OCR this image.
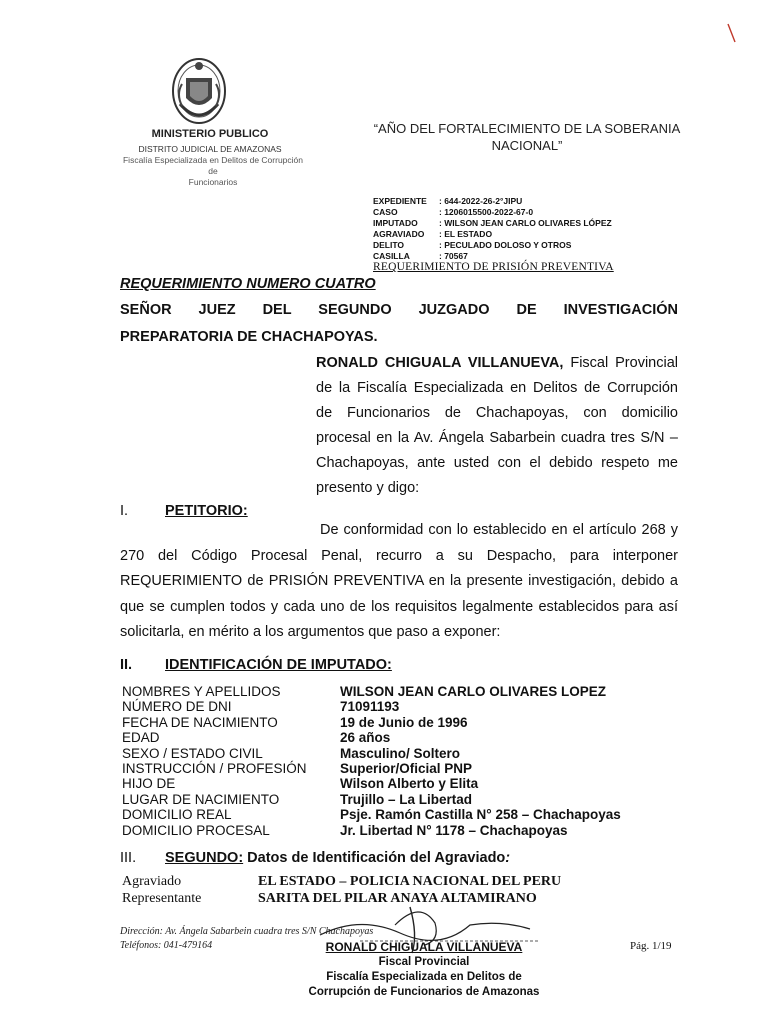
MINISTERIO PUBLICO
DISTRITO JUDICIAL DE AMAZONAS
Fiscalía Especializada en Delitos de Corrupción de
Funcionarios
“AÑO DEL FORTALECIMIENTO DE LA SOBERANIA
NACIONAL”
EXPEDIENTE	: 644-2022-26-2°JIPU
CASO	: 1206015500-2022-67-0
IMPUTADO	: WILSON JEAN CARLO OLIVARES LÓPEZ
AGRAVIADO	: EL ESTADO
DELITO	: PECULADO DOLOSO Y OTROS
CASILLA	: 70567
REQUERIMIENTO DE PRISIÓN PREVENTIVA
REQUERIMIENTO NUMERO CUATRO
SEÑOR JUEZ DEL SEGUNDO JUZGADO DE INVESTIGACIÓN
PREPARATORIA DE CHACHAPOYAS.
RONALD CHIGUALA VILLANUEVA, Fiscal Provincial de la Fiscalía Especializada en Delitos de Corrupción de Funcionarios de Chachapoyas, con domicilio procesal en la Av. Ángela Sabarbein cuadra tres S/N – Chachapoyas, ante usted con el debido respeto me presento y digo:
I.	PETITORIO:
De conformidad con lo establecido en el artículo 268 y 270 del Código Procesal Penal, recurro a su Despacho, para interponer REQUERIMIENTO de PRISIÓN PREVENTIVA en la presente investigación, debido a que se cumplen todos y cada uno de los requisitos legalmente establecidos para así solicitarla, en mérito a los argumentos que paso a exponer:
II. IDENTIFICACIÓN DE IMPUTADO:
NOMBRES Y APELLIDOS	WILSON JEAN CARLO OLIVARES LOPEZ
NÚMERO DE DNI	71091193
FECHA DE NACIMIENTO	19 de Junio de 1996
EDAD	26 años
SEXO / ESTADO CIVIL	Masculino/ Soltero
INSTRUCCIÓN / PROFESIÓN	Superior/Oficial PNP
HIJO DE	Wilson Alberto y Elita
LUGAR DE NACIMIENTO	Trujillo – La Libertad
DOMICILIO REAL	Psje. Ramón Castilla N° 258 – Chachapoyas
DOMICILIO PROCESAL	Jr. Libertad N° 1178 – Chachapoyas
III. SEGUNDO: Datos de Identificación del Agraviado:
Agraviado	EL ESTADO – POLICIA NACIONAL DEL PERU
Representante	SARITA DEL PILAR ANAYA ALTAMIRANO
Dirección: Av. Ángela Sabarbein cuadra tres S/N Chachapoyas
Teléfonos: 041-479164	RONALD CHIGUALA VILLANUEVA
Fiscal Provincial
Fiscalía Especializada en Delitos de
Corrupción de Funcionarios de Amazonas
Pág. 1/19
